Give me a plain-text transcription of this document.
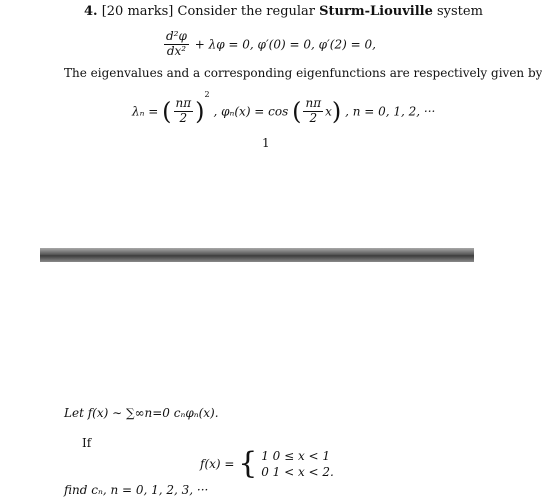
4. [20 marks] Consider the regular Sturm-Liouville system
$\frac{\text{d²φ}}{\text{dx²}} + \lambda\varphi = 0$, φ′(0) = 0, φ′(2) = 0,
The eigenvalues and a corresponding eigenfunctions are respectively given by
λₙ = ( $\frac{n\pi}{2} )^2$ , φₙ(x) = cos ( $\frac{n\pi}{2} x$) , n = 0, 1, 2, ···
1
Let f(x) ∼ ∑∞n=0 cₙφₙ(x).
If
f(x) = { 1 0 ≤ x < 1
0 1 < x < 2.
find cₙ, n = 0, 1, 2, 3, ···
